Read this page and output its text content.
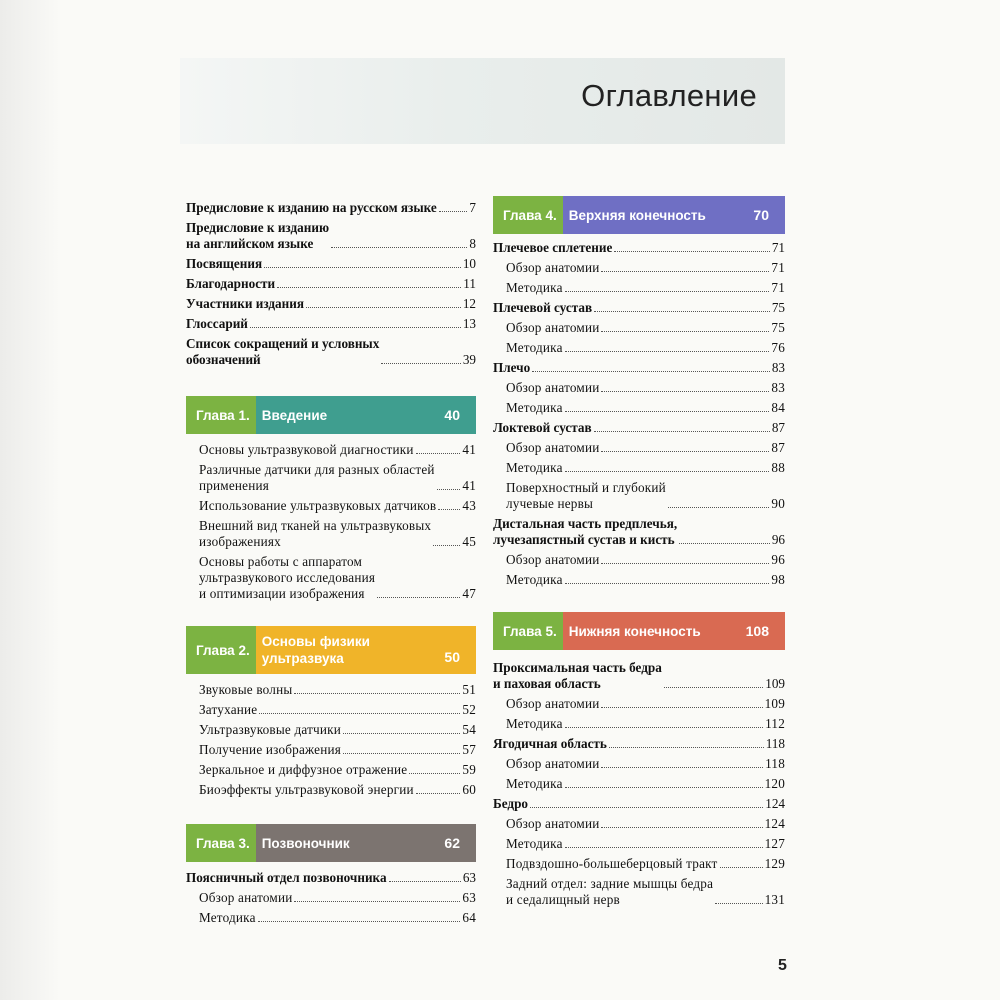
Оглавление
Предисловие к изданию на русском языке 7
Предисловие к изданию
на английском языке	8
Посвящения	10
Благодарности	11
Участники издания	12
Глоссарий	13
Список сокращений и условных
обозначений	39
Глава 1. Введение	40
Основы ультразвуковой диагностики	41
Различные датчики для разных областей
применения	41
Использование ультразвуковых датчиков 43
Внешний вид тканей на ультразвуковых
изображениях	45
Основы работы с аппаратом
ультразвукового исследования
и оптимизации изображения	47
Глава 2.
Основы физики
ультразвука	50
Звуковые волны	51
Затухание	52
Ультразвуковые датчики	54
Получение изображения	57
Зеркальное и диффузное отражение	59
Биоэффекты ультразвуковой энергии	60
Глава 3. Позвоночник	62
Поясничный отдел позвоночника	63
Обзор анатомии	63
Методика	64
Глава 4. Верхняя конечность	70
Плечевое сплетение	71
Обзор анатомии	71
Методика	71
Плечевой сустав	75
Обзор анатомии	75
Методика	76
Плечо	83
Обзор анатомии	83
Методика	84
Локтевой сустав	87
Обзор анатомии	87
Методика	88
Поверхностный и глубокий
лучевые нервы	90
Дистальная часть предплечья,
лучезапястный сустав и кисть	96
Обзор анатомии	96
Методика	98
Глава 5. Нижняя конечность	108
Проксимальная часть бедра
и паховая область	109
Обзор анатомии	109
Методика	112
Ягодичная область	118
Обзор анатомии	118
Методика	120
Бедро	124
Обзор анатомии	124
Методика	127
Подвздошно-большеберцовый тракт	129
Задний отдел: задние мышцы бедра
и седалищный нерв	131
5
